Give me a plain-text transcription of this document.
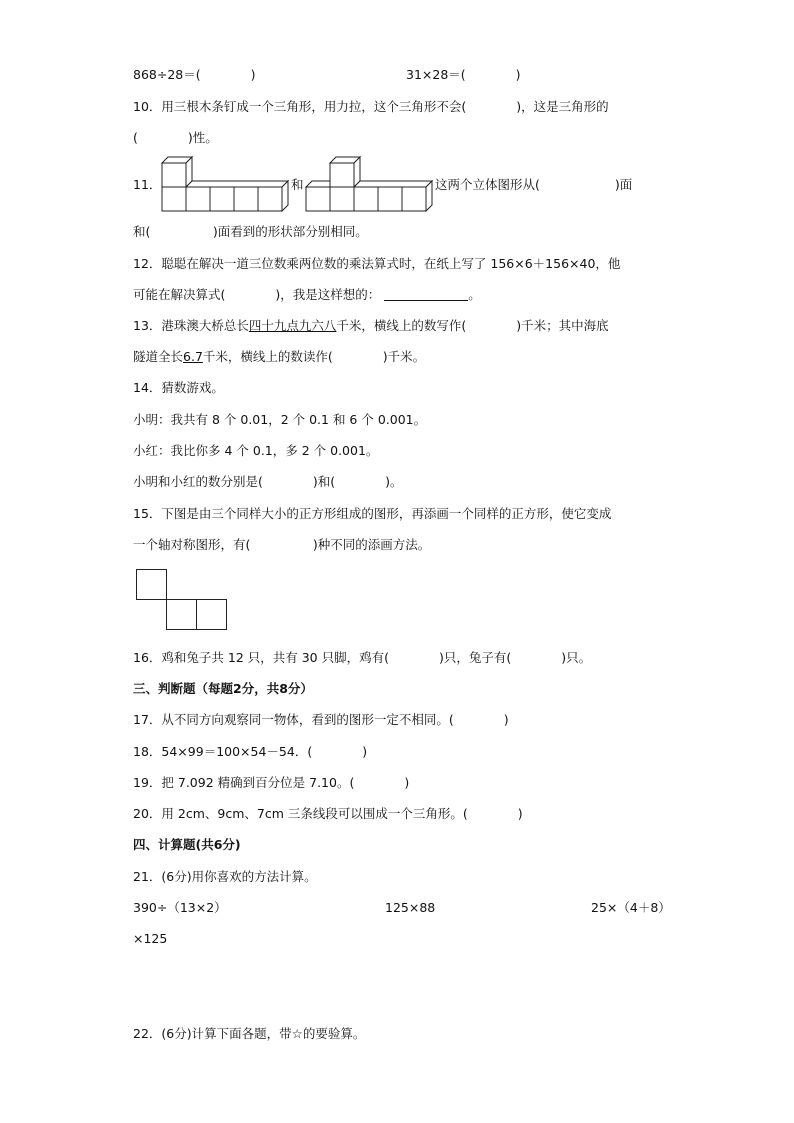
868÷28＝(　　　　)	31×28＝(　　　　)
10．用三根木条钉成一个三角形，用力拉，这个三角形不会(　　　　)，这是三角形的
(　　　　)性。
11．	和	这两个立体图形从(　　　　　　)面
和(　　　　　)面看到的形状部分别相同。
12．聪聪在解决一道三位数乘两位数的乘法算式时，在纸上写了 156×6＋156×40，他
可能在解决算式(　　　　)，我是这样想的：	。
13．港珠澳大桥总长四十九点九六八千米，横线上的数写作(　　　　)千米；其中海底
隧道全长6.7千米，横线上的数读作(　　　　)千米。
14．猜数游戏。
小明：我共有 8 个 0.01，2 个 0.1 和 6 个 0.001。
小红：我比你多 4 个 0.1，多 2 个 0.001。
小明和小红的数分别是(　　　　)和(　　　　)。
15．下图是由三个同样大小的正方形组成的图形，再添画一个同样的正方形，使它变成
一个轴对称图形，有(　　　　　)种不同的添画方法。
16．鸡和兔子共 12 只，共有 30 只脚，鸡有(　　　　)只，兔子有(　　　　)只。
三、判断题（每题2分，共8分）
17．从不同方向观察同一物体，看到的图形一定不相同。(　　　　)
18．54×99＝100×54－54．(　　　　)
19．把 7.092 精确到百分位是 7.10。(　　　　)
20．用 2cm、9cm、7cm 三条线段可以围成一个三角形。(　　　　)
四、计算题(共6分)
21．(6分)用你喜欢的方法计算。
390÷（13×2）	125×88	25×（4＋8）
×125
22．(6分)计算下面各题，带☆的要验算。
